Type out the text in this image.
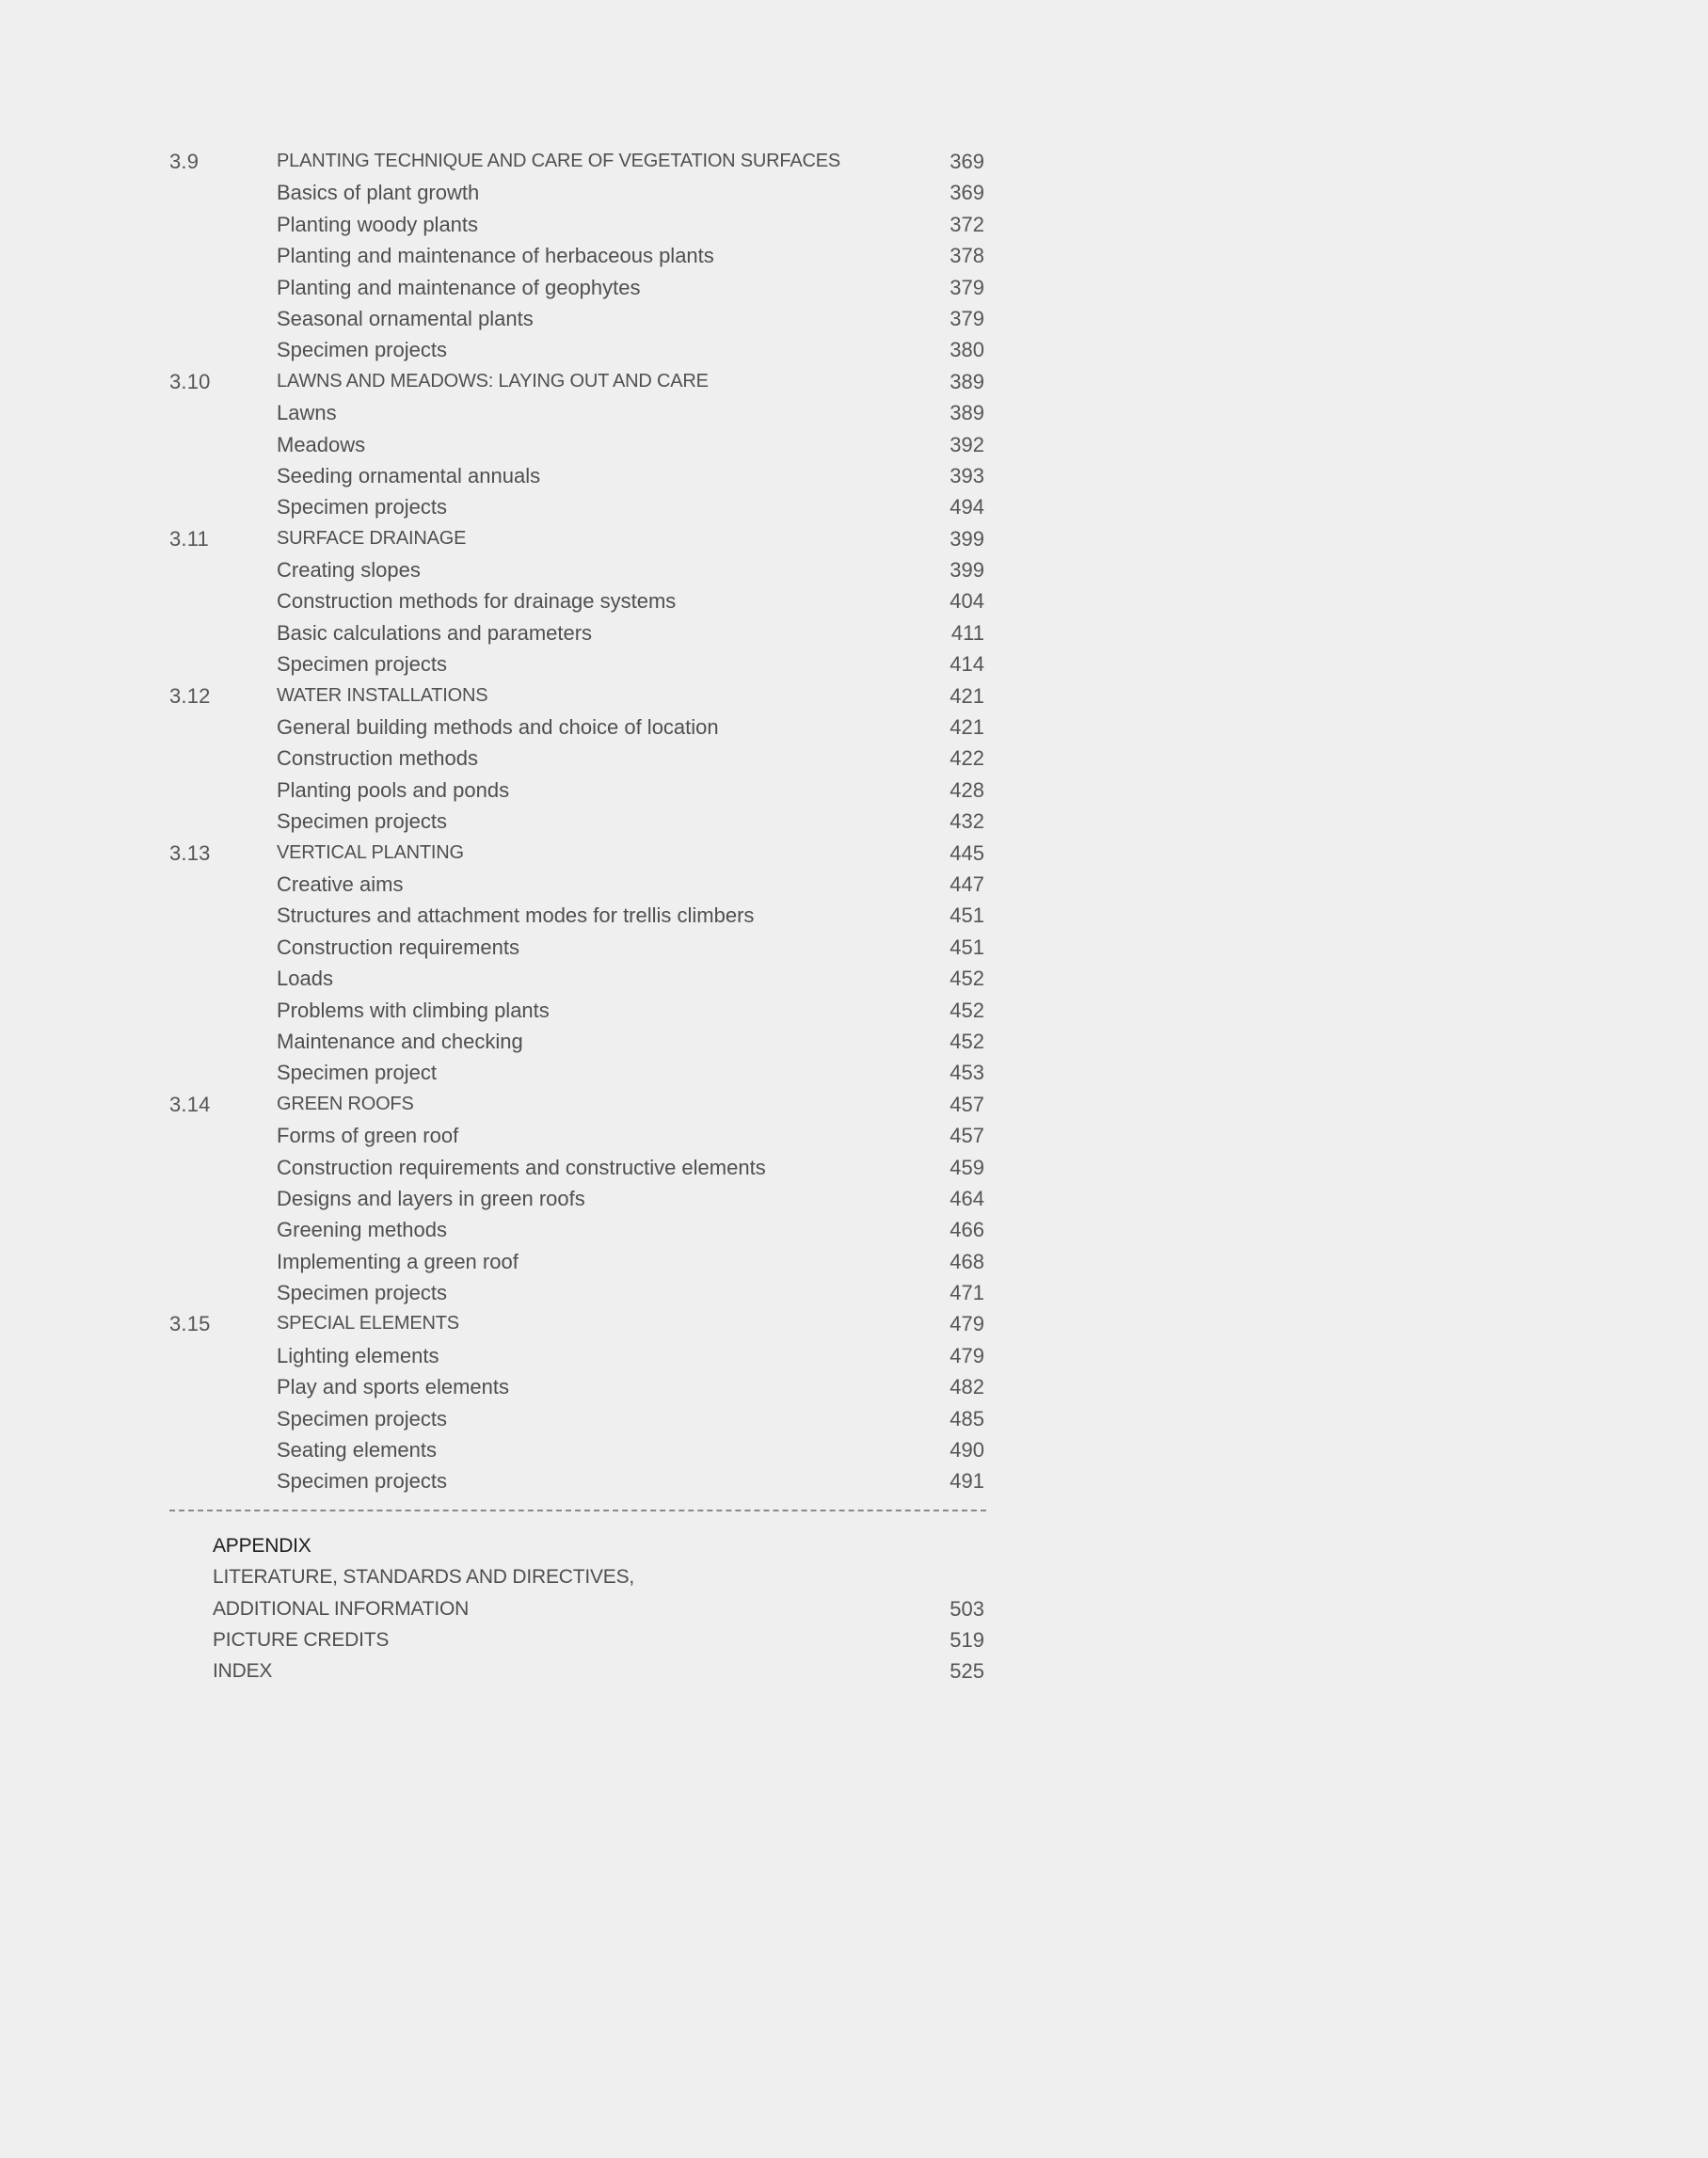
3.9	PLANTING TECHNIQUE AND CARE OF VEGETATION SURFACES	369
Basics of plant growth	369
Planting woody plants	372
Planting and maintenance of herbaceous plants	378
Planting and maintenance of geophytes	379
Seasonal ornamental plants	379
Specimen projects	380
3.10	LAWNS AND MEADOWS: LAYING OUT AND CARE	389
Lawns	389
Meadows	392
Seeding ornamental annuals	393
Specimen projects	494
3.11	SURFACE DRAINAGE	399
Creating slopes	399
Construction methods for drainage systems	404
Basic calculations and parameters	411
Specimen projects	414
3.12	WATER INSTALLATIONS	421
General building methods and choice of location	421
Construction methods	422
Planting pools and ponds	428
Specimen projects	432
3.13	VERTICAL PLANTING	445
Creative aims	447
Structures and attachment modes for trellis climbers	451
Construction requirements	451
Loads	452
Problems with climbing plants	452
Maintenance and checking	452
Specimen project	453
3.14	GREEN ROOFS	457
Forms of green roof	457
Construction requirements and constructive elements	459
Designs and layers in green roofs	464
Greening methods	466
Implementing a green roof	468
Specimen projects	471
3.15	SPECIAL ELEMENTS	479
Lighting elements	479
Play and sports elements	482
Specimen projects	485
Seating elements	490
Specimen projects	491
APPENDIX
LITERATURE, STANDARDS AND DIRECTIVES,
ADDITIONAL INFORMATION	503
PICTURE CREDITS	519
INDEX	525
